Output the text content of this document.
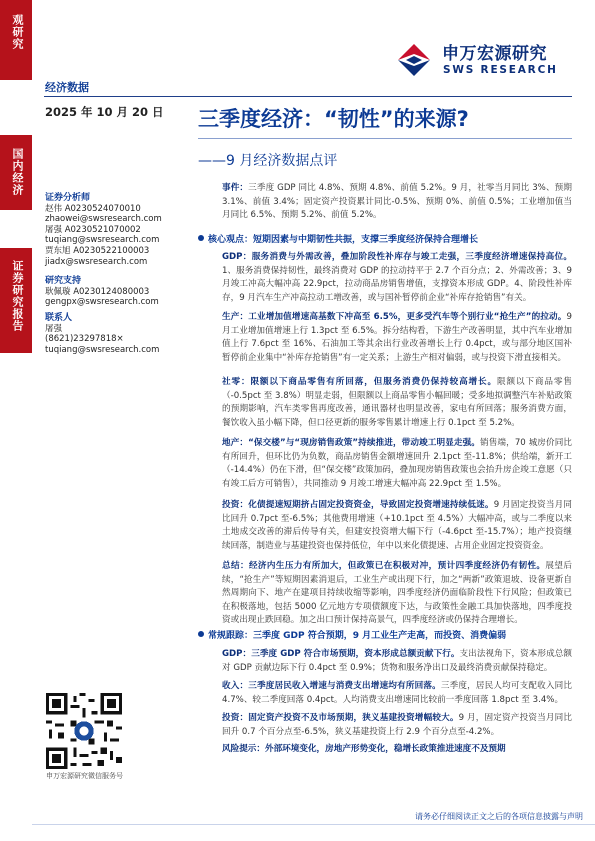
观研究
国内经济
证券研究报告
申万宏源研究
SWS RESEARCH
经济数据
2025 年 10 月 20 日 三季度经济：“韧性”的来源?
——9 月经济数据点评
证券分析师
赵伟 A0230524070010
zhaowei@swsresearch.com
屠强 A0230521070002
tuqiang@swsresearch.com
贾东旭 A0230522100003
jiadx@swsresearch.com
研究支持
耿佩璇 A0230124080003
gengpx@swsresearch.com
联系人
屠强
(8621)23297818×
tuqiang@swsresearch.com
事件：三季度 GDP 同比 4.8%、预期 4.8%、前值 5.2%。9 月，社零当月同比 3%、预期 3.1%、前值 3.4%；固定资产投资累计同比-0.5%、预期 0%、前值 0.5%；工业增加值当月同比 6.5%、预期 5.2%、前值 5.2%。
核心观点：短期因素与中期韧性共振，支撑三季度经济保持合理增长
GDP：服务消费与外需改善，叠加阶段性补库存与竣工走强，三季度经济增速保持高位。1、服务消费保持韧性，最终消费对 GDP 的拉动持平于 2.7 个百分点；2、外需改善；3、9 月竣工冲高大幅冲高 22.9pct，拉动商品房销售增值，支撑资本形成 GDP。4、阶段性补库存，9 月汽车生产冲高拉动工增改善，或与国补暂停前企业“补库存抢销售”有关。
生产：工业增加值增速高基数下冲高至 6.5%，更多受汽车等个别行业“抢生产”的拉动。9 月工业增加值增速上行 1.3pct 至 6.5%。拆分结构看，下游生产改善明显，其中汽车业增加值上行 7.6pct 至 16%、石油加工等其余出行业改善增长上行 0.4pct，或与部分地区国补暂停前企业集中“补库存抢销售”有一定关系；上游生产相对偏弱，或与投资下滑直接相关。
社零：限额以下商品零售有所回落，但服务消费仍保持较高增长。限额以下商品零售（-0.5pct 至 3.8%）明显走弱，但限额以上商品零售小幅回暖；受多地拟调整汽车补贴政策的预期影响，汽车类零售再度改善，通讯器材也明显改善，家电有所回落；服务消费方面，餐饮收入虽小幅下降，但口径更新的服务零售累计增速上行 0.1pct 至 5.2%。
地产：“保交楼”与“现房销售政策”持续推进，带动竣工明显走强。销售端，70 城房价同比有所回升，但环比仍为负数，商品房销售金额增速回升 2.1pct 至-11.8%；供给端，新开工（-14.4%）仍在下滑，但“保交楼”政策加码，叠加现房销售政策也会抬升房企竣工意愿（只有竣工后方可销售），共同推动 9 月竣工增速大幅冲高 22.9pct 至 1.5%。
投资：化债提速短期挤占固定投资资金，导致固定投资增速持续低迷。9 月固定投资当月同比回升 0.7pct 至-6.5%；其他费用增速（+10.1pct 至 4.5%）大幅冲高，或与二季度以来土地成交改善的滞后传导有关，但建安投资增大幅下行（-4.6pct 至-15.7%）；地产投资继续回落，制造业与基建投资也保持低位，年中以来化债提速、占用企业固定投资资金。
总结：经济内生压力有所加大，但政策已在积极对冲，预计四季度经济仍有韧性。展望后续，“抢生产”等短期因素消退后，工业生产或出现下行，加之“两新”政策退坡、设备更新自然周期向下、地产在建项目持续收缩等影响，四季度经济仍面临阶段性下行风险；但政策已在积极落地，包括 5000 亿元地方专项债额度下达，与政策性金融工具加快落地，四季度投资或出现止跌回稳。加之出口预计保持高景气，四季度经济或仍保持合理增长。
常规跟踪：三季度 GDP 符合预期，9 月工业生产走高，而投资、消费偏弱
GDP：三季度 GDP 符合市场预期，资本形成总额贡献下行。支出法视角下，资本形成总额对 GDP 贡献边际下行 0.4pct 至 0.9%；货物和服务净出口及最终消费贡献保持稳定。
收入：三季度居民收入增速与消费支出增速均有所回落。三季度，居民人均可支配收入同比 4.7%、较二季度回落 0.4pct。人均消费支出增速同比较前一季度回落 1.8pct 至 3.4%。
投资：固定资产投资不及市场预期，狭义基建投资增幅较大。9 月，固定资产投资当月同比回升 0.7 个百分点至-6.5%，狭义基建投资上行 2.9 个百分点至-4.2%。
风险提示：外部环境变化，房地产形势变化，稳增长政策推进速度不及预期
申万宏源研究微信服务号
请务必仔细阅读正文之后的各项信息披露与声明
